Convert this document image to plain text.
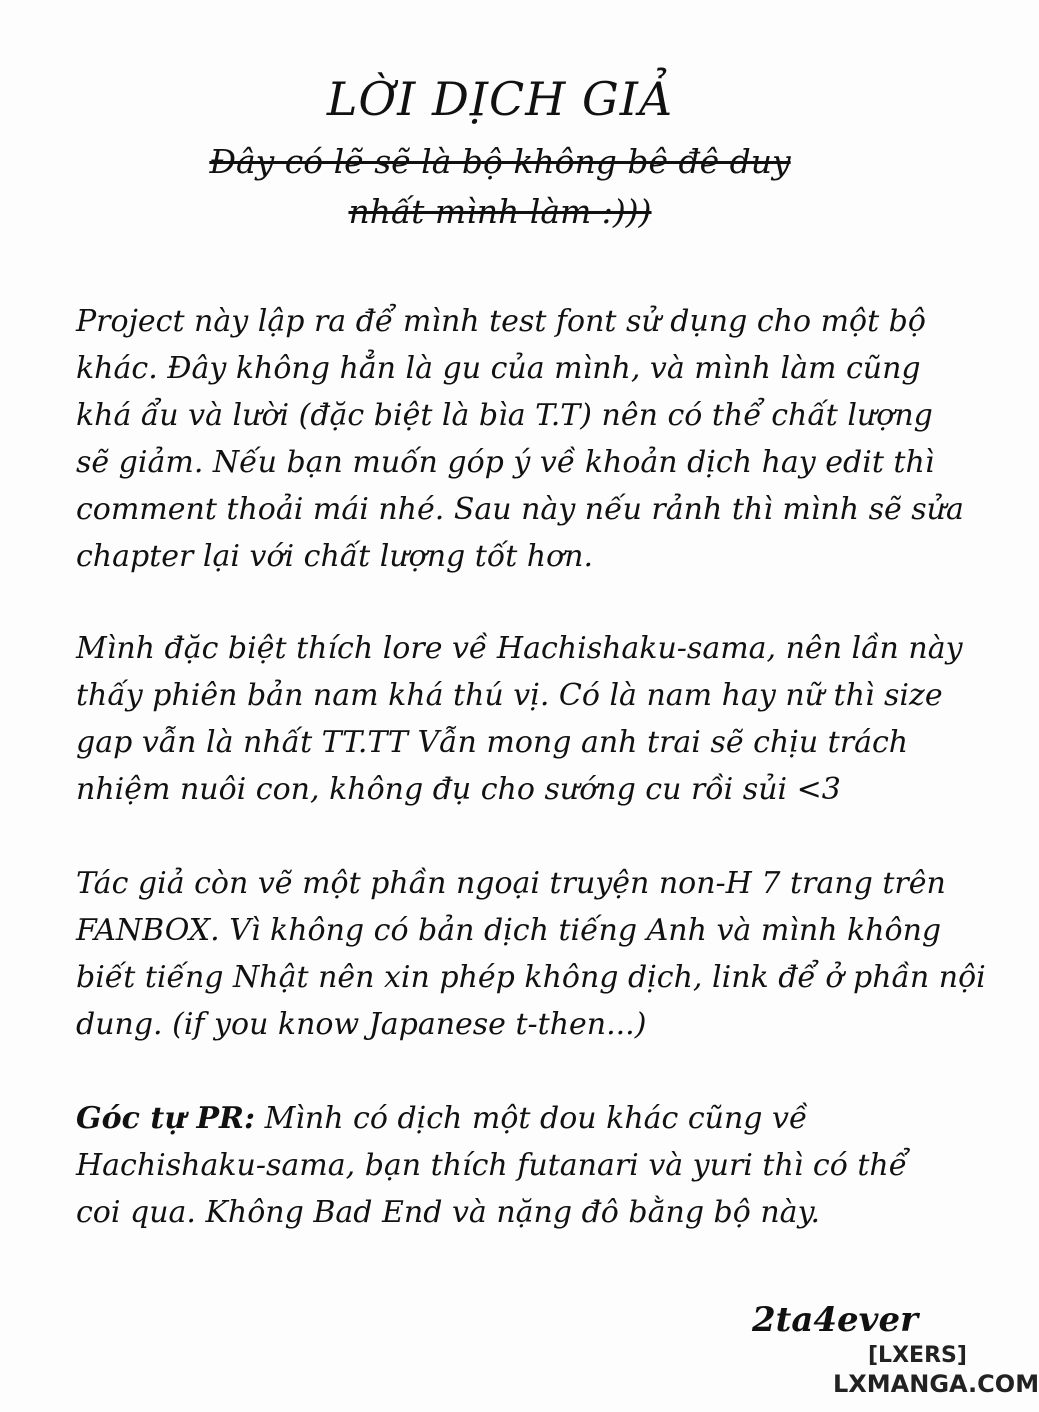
LỜI DỊCH GIẢ
Đây có lẽ sẽ là bộ không bê đê duy
nhất mình làm :)))
Project này lập ra để mình test font sử dụng cho một bộ
khác. Đây không hẳn là gu của mình, và mình làm cũng
khá ẩu và lười (đặc biệt là bìa T.T) nên có thể chất lượng
sẽ giảm. Nếu bạn muốn góp ý về khoản dịch hay edit thì
comment thoải mái nhé. Sau này nếu rảnh thì mình sẽ sửa
chapter lại với chất lượng tốt hơn.
Mình đặc biệt thích lore về Hachishaku-sama, nên lần này
thấy phiên bản nam khá thú vị. Có là nam hay nữ thì size
gap vẫn là nhất TT.TT Vẫn mong anh trai sẽ chịu trách
nhiệm nuôi con, không đụ cho sướng cu rồi sủi <3
Tác giả còn vẽ một phần ngoại truyện non-H 7 trang trên
FANBOX. Vì không có bản dịch tiếng Anh và mình không
biết tiếng Nhật nên xin phép không dịch, link để ở phần nội
dung. (if you know Japanese t-then...)
Góc tự PR: Mình có dịch một dou khác cũng về
Hachishaku-sama, bạn thích futanari và yuri thì có thể
coi qua. Không Bad End và nặng đô bằng bộ này.
2ta4ever
[LXERS]
LXMANGA.COM
